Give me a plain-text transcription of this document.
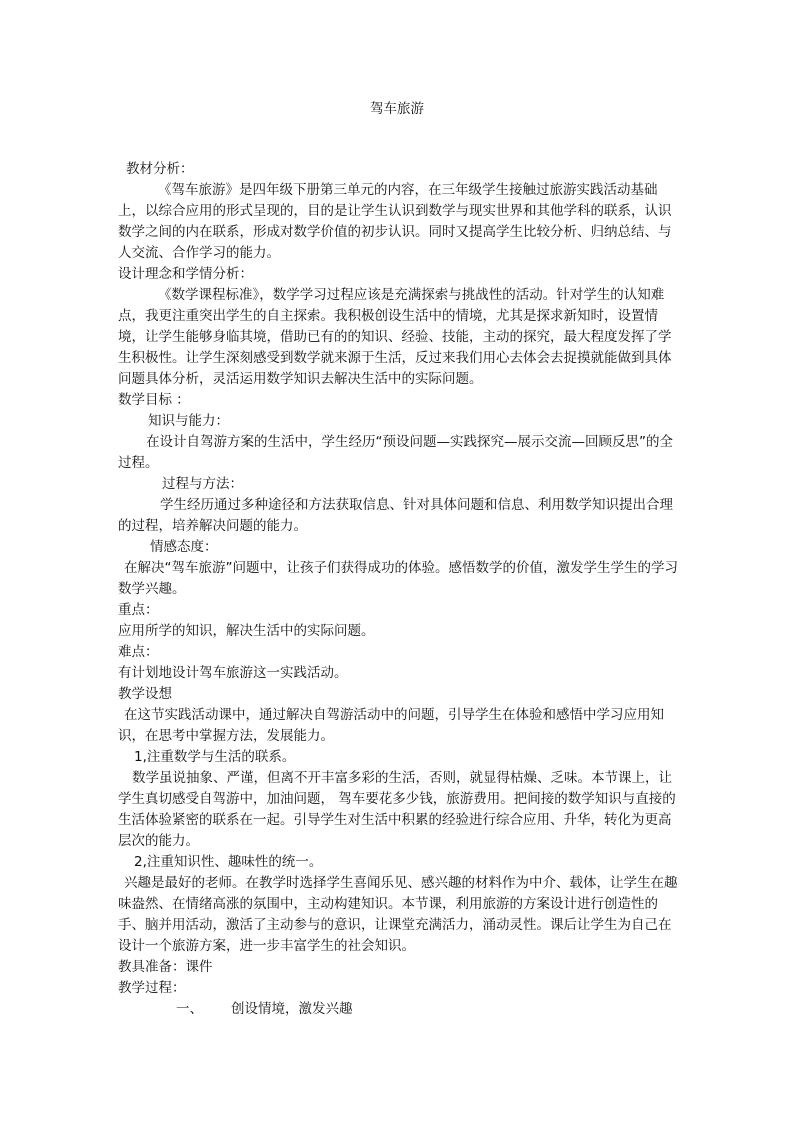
驾车旅游

教材分析：

《驾车旅游》是四年级下册第三单元的内容，在三年级学生接触过旅游实践活动基础上，以综合应用的形式呈现的，目的是让学生认识到数学与现实世界和其他学科的联系，认识数学之间的内在联系，形成对数学价值的初步认识。同时又提高学生比较分析、归纳总结、与人交流、合作学习的能力。

设计理念和学情分析：

《数学课程标准》，数学学习过程应该是充满探索与挑战性的活动。针对学生的认知难点，我更注重突出学生的自主探索。我积极创设生活中的情境，尤其是探求新知时，设置情境，让学生能够身临其境，借助已有的的知识、经验、技能，主动的探究，最大程度发挥了学生积极性。让学生深刻感受到数学就来源于生活，反过来我们用心去体会去捉摸就能做到具体问题具体分析，灵活运用数学知识去解决生活中的实际问题。

数学目标 ：

知识与能力：

在设计自驾游方案的生活中，学生经历“预设问题—实践探究—展示交流—回顾反思”的全过程。

过程与方法：

学生经历通过多种途径和方法获取信息、针对具体问题和信息、利用数学知识提出合理的过程，培养解决问题的能力。

情感态度：

在解决“驾车旅游”问题中，让孩子们获得成功的体验。感悟数学的价值，激发学生学生的学习数学兴趣。

重点：

应用所学的知识，解决生活中的实际问题。

难点：

有计划地设计驾车旅游这一实践活动。

教学设想

在这节实践活动课中，通过解决自驾游活动中的问题，引导学生在体验和感悟中学习应用知识，在思考中掌握方法，发展能力。

1,注重数学与生活的联系。

数学虽说抽象、严谨，但离不开丰富多彩的生活，否则，就显得枯燥、乏味。本节课上，让学生真切感受自驾游中，加油问题， 驾车要花多少钱，旅游费用。把间接的数学知识与直接的生活体验紧密的联系在一起。引导学生对生活中积累的经验进行综合应用、升华，转化为更高层次的能力。

2,注重知识性、趣味性的统一。

兴趣是最好的老师。在教学时选择学生喜闻乐见、感兴趣的材料作为中介、载体，让学生在趣味盎然、在情绪高涨的氛围中，主动构建知识。本节课，利用旅游的方案设计进行创造性的手、脑并用活动，激活了主动参与的意识，让课堂充满活力，涌动灵性。课后让学生为自己在设计一个旅游方案，进一步丰富学生的社会知识。

教具准备：课件

教学过程：

一、 创设情境，激发兴趣
